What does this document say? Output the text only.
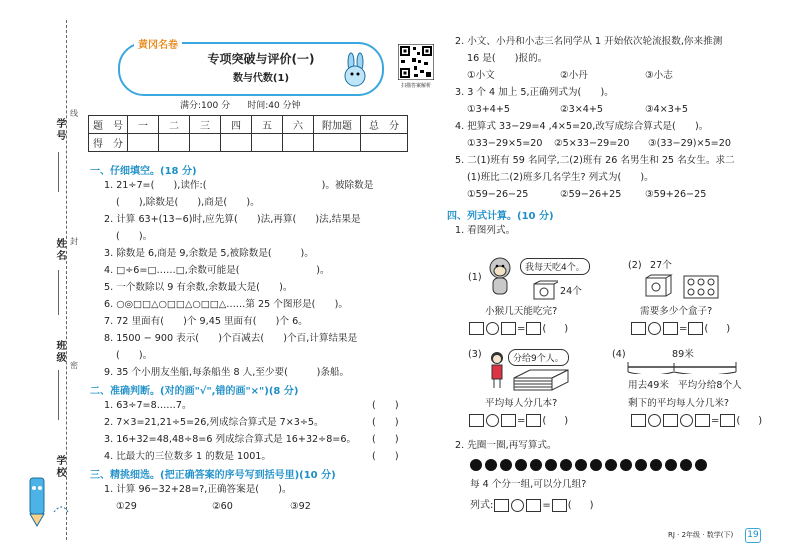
学号
姓名
班级
学校
线
封
密
黄冈名卷
专项突破与评价(一)
数与代数(1)
扫描答案解析
满分:100 分      时间:40 分钟
题　号	一	二	三	四	五	六	附加题	总　分
得　分								
一、仔细填空。(18 分)
1. 21÷7=(　　),读作:(　　　　　　　　　　　　)。被除数是
(　　),除数是(　　),商是(　　)。
2. 计算 63+(13−6)时,应先算(　　)法,再算(　　)法,结果是
(　　)。
3. 除数是 6,商是 9,余数是 5,被除数是(　　　)。
4. □÷6=□……□,余数可能是(　　　　　　　　)。
5. 一个数除以 9 有余数,余数最大是(　　)。
6. ○◎□□△○□□△○□□△……第 25 个图形是(　　)。
7. 72 里面有(　　)个 9,45 里面有(　　)个 6。
8. 1500 − 900 表示(　　)个百减去(　　)个百,计算结果是
(　　)。
9. 35 个小朋友坐船,每条船坐 8 人,至少要(　　　)条船。
二、准确判断。(对的画"√",错的画"×")(8 分)
1. 63÷7=8……7。
2. 7×3=21,21÷5=26,列成综合算式是 7×3÷5。
3. 16+32=48,48÷8=6 列成综合算式是 16+32÷8=6。
4. 比最大的三位数多 1 的数是 1001。
(　　)
(　　)
(　　)
(　　)
三、精挑细选。(把正确答案的序号写到括号里)(10 分)
1. 计算 96−32+28=?,正确答案是(　　)。
①29	②60	③92
2. 小文、小丹和小志三名同学从 1 开始依次轮流报数,你来推测
16 是(　　)报的。
①小文	②小丹	③小志
3. 3 个 4 加上 5,正确列式为(　　)。
①3+4+5	②3×4+5	③4×3+5
4. 把算式 33−29=4 ,4×5=20,改写成综合算式是(　　)。
①33−29×5=20 ②5×33−29=20 ③(33−29)×5=20
5. 二(1)班有 59 名同学,二(2)班有 26 名男生和 25 名女生。求二
(1)班比二(2)班多几名学生? 列式为(　　)。
①59−26−25	②59−26+25 ③59+26−25
四、列式计算。(10 分)
1. 看图列式。
(1)
我每天吃4个。
24个
小猴几天能吃完?
= ( )
(2) 27个
需要多少个盒子?
= ( )
(3)	分给9个人。
平均每人分几本?
= ( )
(4)	89米
用去49米 平均分给8个人
剩下的平均每人分几米?
= ( )
2. 先圈一圈,再写算式。
每 4 个分一组,可以分几组?
列式:	= ( )
RJ · 2年级 · 数学(下) 19
